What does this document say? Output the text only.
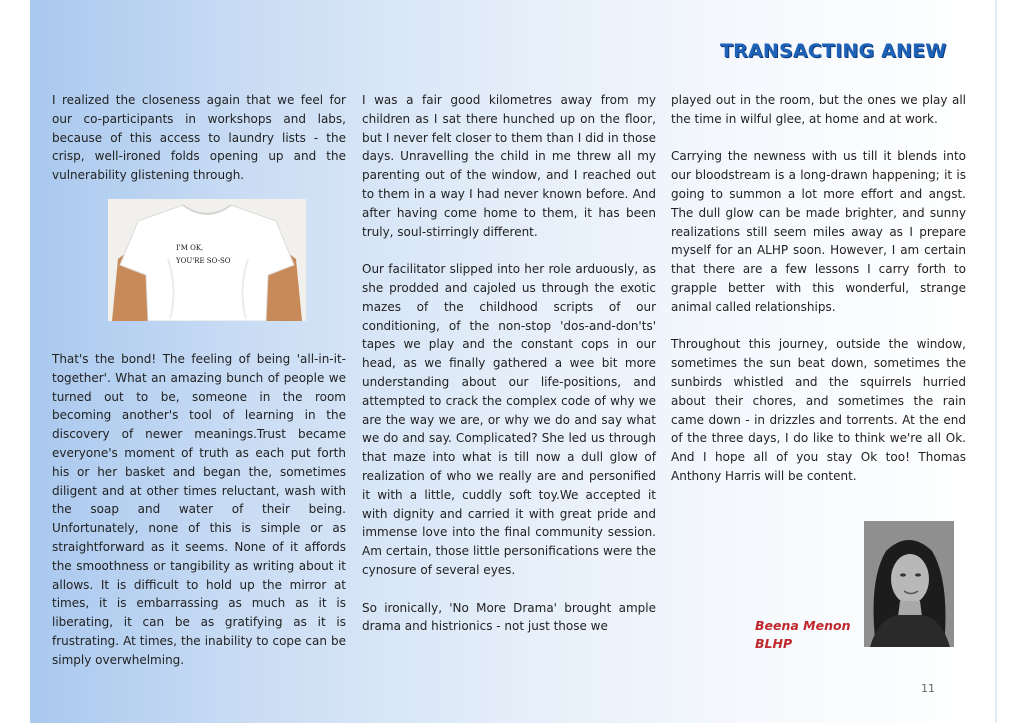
TRANSACTING ANEW

I realized the closeness again that we feel for our co-participants in workshops and labs, because of this access to laundry lists - the crisp, well-ironed folds opening up and the vulnerability glistening through.

I'M OK,
YOU'RE SO-SO

That's the bond! The feeling of being 'all-in-it-together'. What an amazing bunch of people we turned out to be, someone in the room becoming another's tool of learning in the discovery of newer meanings.Trust became everyone's moment of truth as each put forth his or her basket and began the, sometimes diligent and at other times reluctant, wash with the soap and water of their being. Unfortunately, none of this is simple or as straightforward as it seems. None of it affords the smoothness or tangibility as writing about it allows. It is difficult to hold up the mirror at times, it is embarrassing as much as it is liberating, it can be as gratifying as it is frustrating. At times, the inability to cope can be simply overwhelming.

I was a fair good kilometres away from my children as I sat there hunched up on the floor, but I never felt closer to them than I did in those days. Unravelling the child in me threw all my parenting out of the window, and I reached out to them in a way I had never known before. And after having come home to them, it has been truly, soul-stirringly different.

Our facilitator slipped into her role arduously, as she prodded and cajoled us through the exotic mazes of the childhood scripts of our conditioning, of the non-stop 'dos-and-don'ts' tapes we play and the constant cops in our head, as we finally gathered a wee bit more understanding about our life-positions, and attempted to crack the complex code of why we are the way we are, or why we do and say what we do and say. Complicated? She led us through that maze into what is till now a dull glow of realization of who we really are and personified it with a little, cuddly soft toy.We accepted it with dignity and carried it with great pride and immense love into the final community session. Am certain, those little personifications were the cynosure of several eyes.

So ironically, 'No More Drama' brought ample drama and histrionics - not just those we

played out in the room, but the ones we play all the time in wilful glee, at home and at work.

Carrying the newness with us till it blends into our bloodstream is a long-drawn happening; it is going to summon a lot more effort and angst. The dull glow can be made brighter, and sunny realizations still seem miles away as I prepare myself for an ALHP soon. However, I am certain that there are a few lessons I carry forth to grapple better with this wonderful, strange animal called relationships.

Throughout this journey, outside the window, sometimes the sun beat down, sometimes the sunbirds whistled and the squirrels hurried about their chores, and sometimes the rain came down - in drizzles and torrents. At the end of the three days, I do like to think we're all Ok. And I hope all of you stay Ok too! Thomas Anthony Harris will be content.

Beena Menon
BLHP
11
